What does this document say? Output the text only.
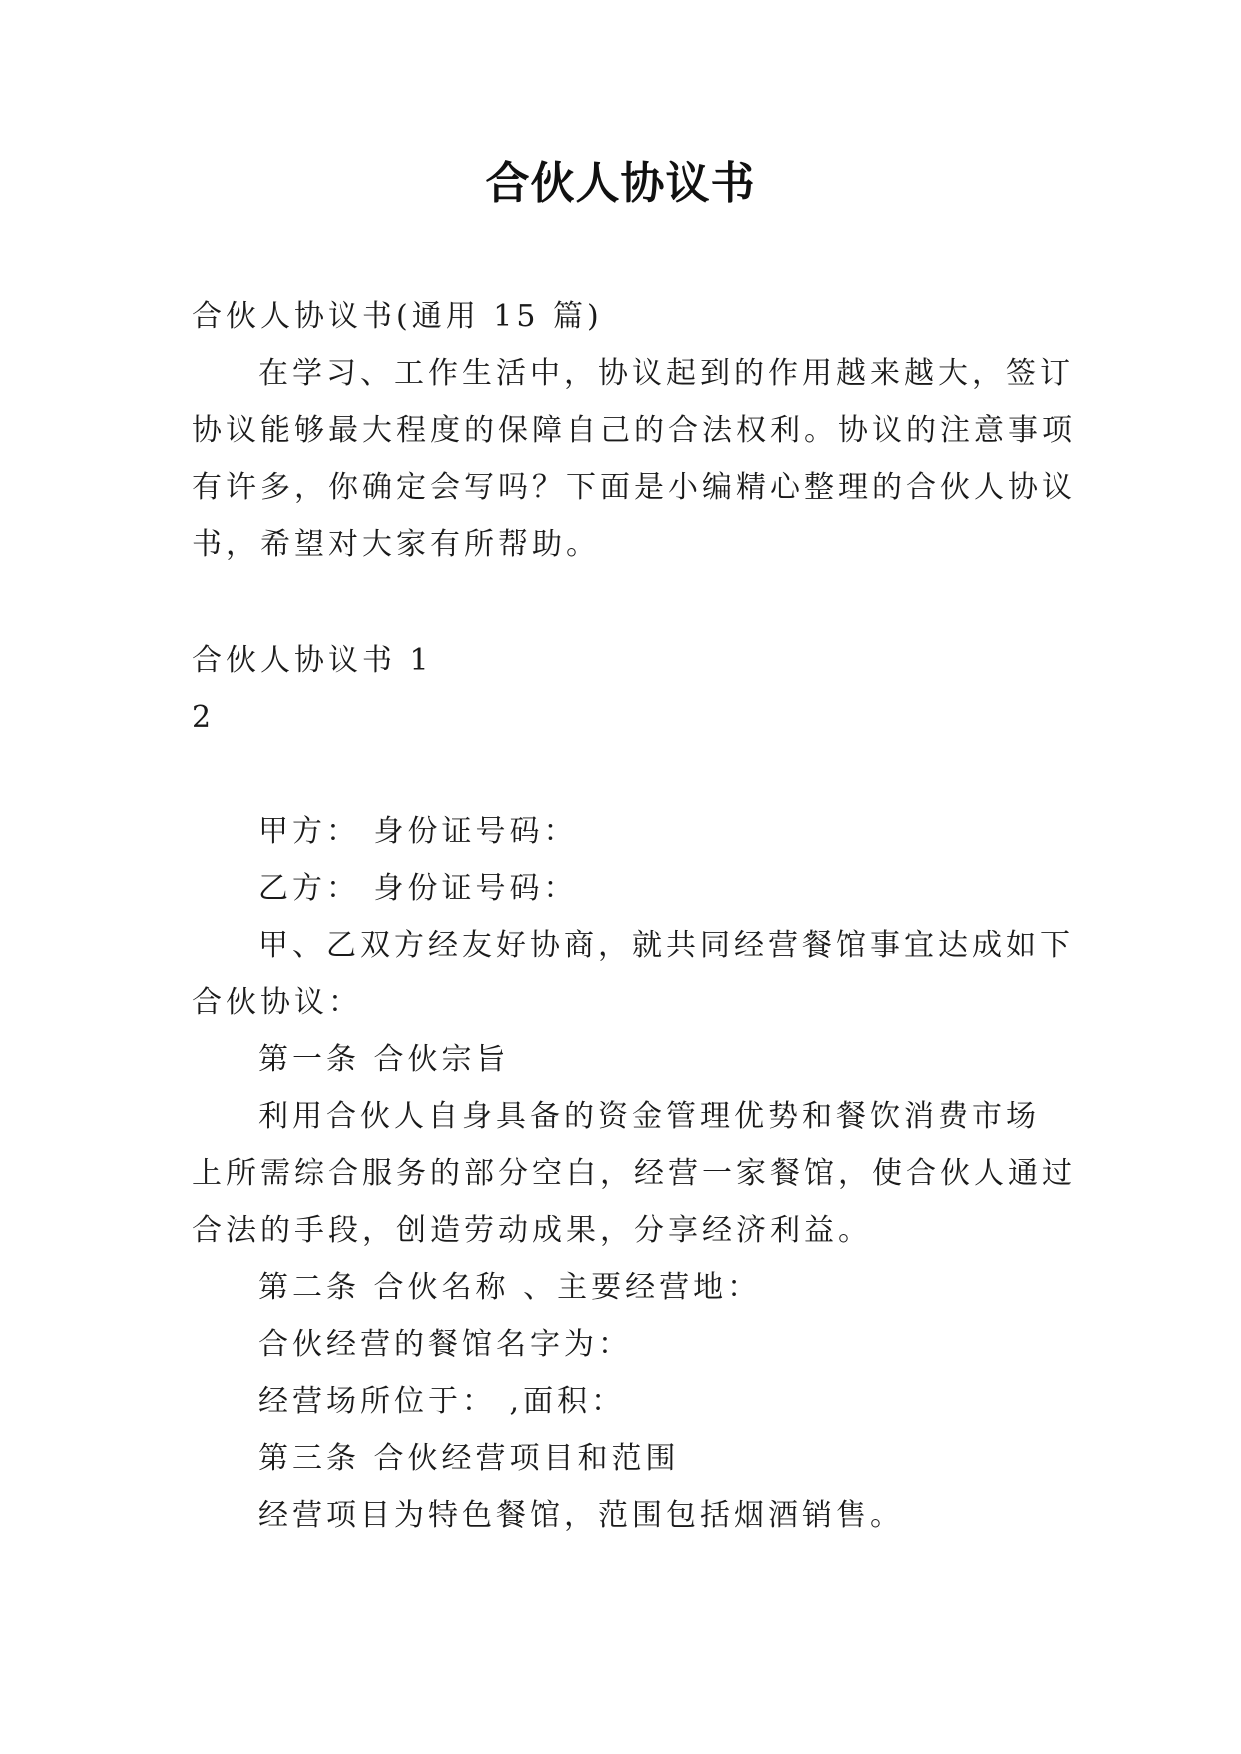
合伙人协议书
合伙人协议书(通用 15 篇)
在学习、工作生活中，协议起到的作用越来越大，签订
协议能够最大程度的保障自己的合法权利。协议的注意事项
有许多，你确定会写吗？下面是小编精心整理的合伙人协议
书，希望对大家有所帮助。
合伙人协议书 1
2
甲方： 身份证号码：
乙方： 身份证号码：
甲、乙双方经友好协商，就共同经营餐馆事宜达成如下
合伙协议：
第一条 合伙宗旨
利用合伙人自身具备的资金管理优势和餐饮消费市场
上所需综合服务的部分空白，经营一家餐馆，使合伙人通过
合法的手段，创造劳动成果，分享经济利益。
第二条 合伙名称 、主要经营地：
合伙经营的餐馆名字为：
经营场所位于： ,面积：
第三条 合伙经营项目和范围
经营项目为特色餐馆，范围包括烟酒销售。
